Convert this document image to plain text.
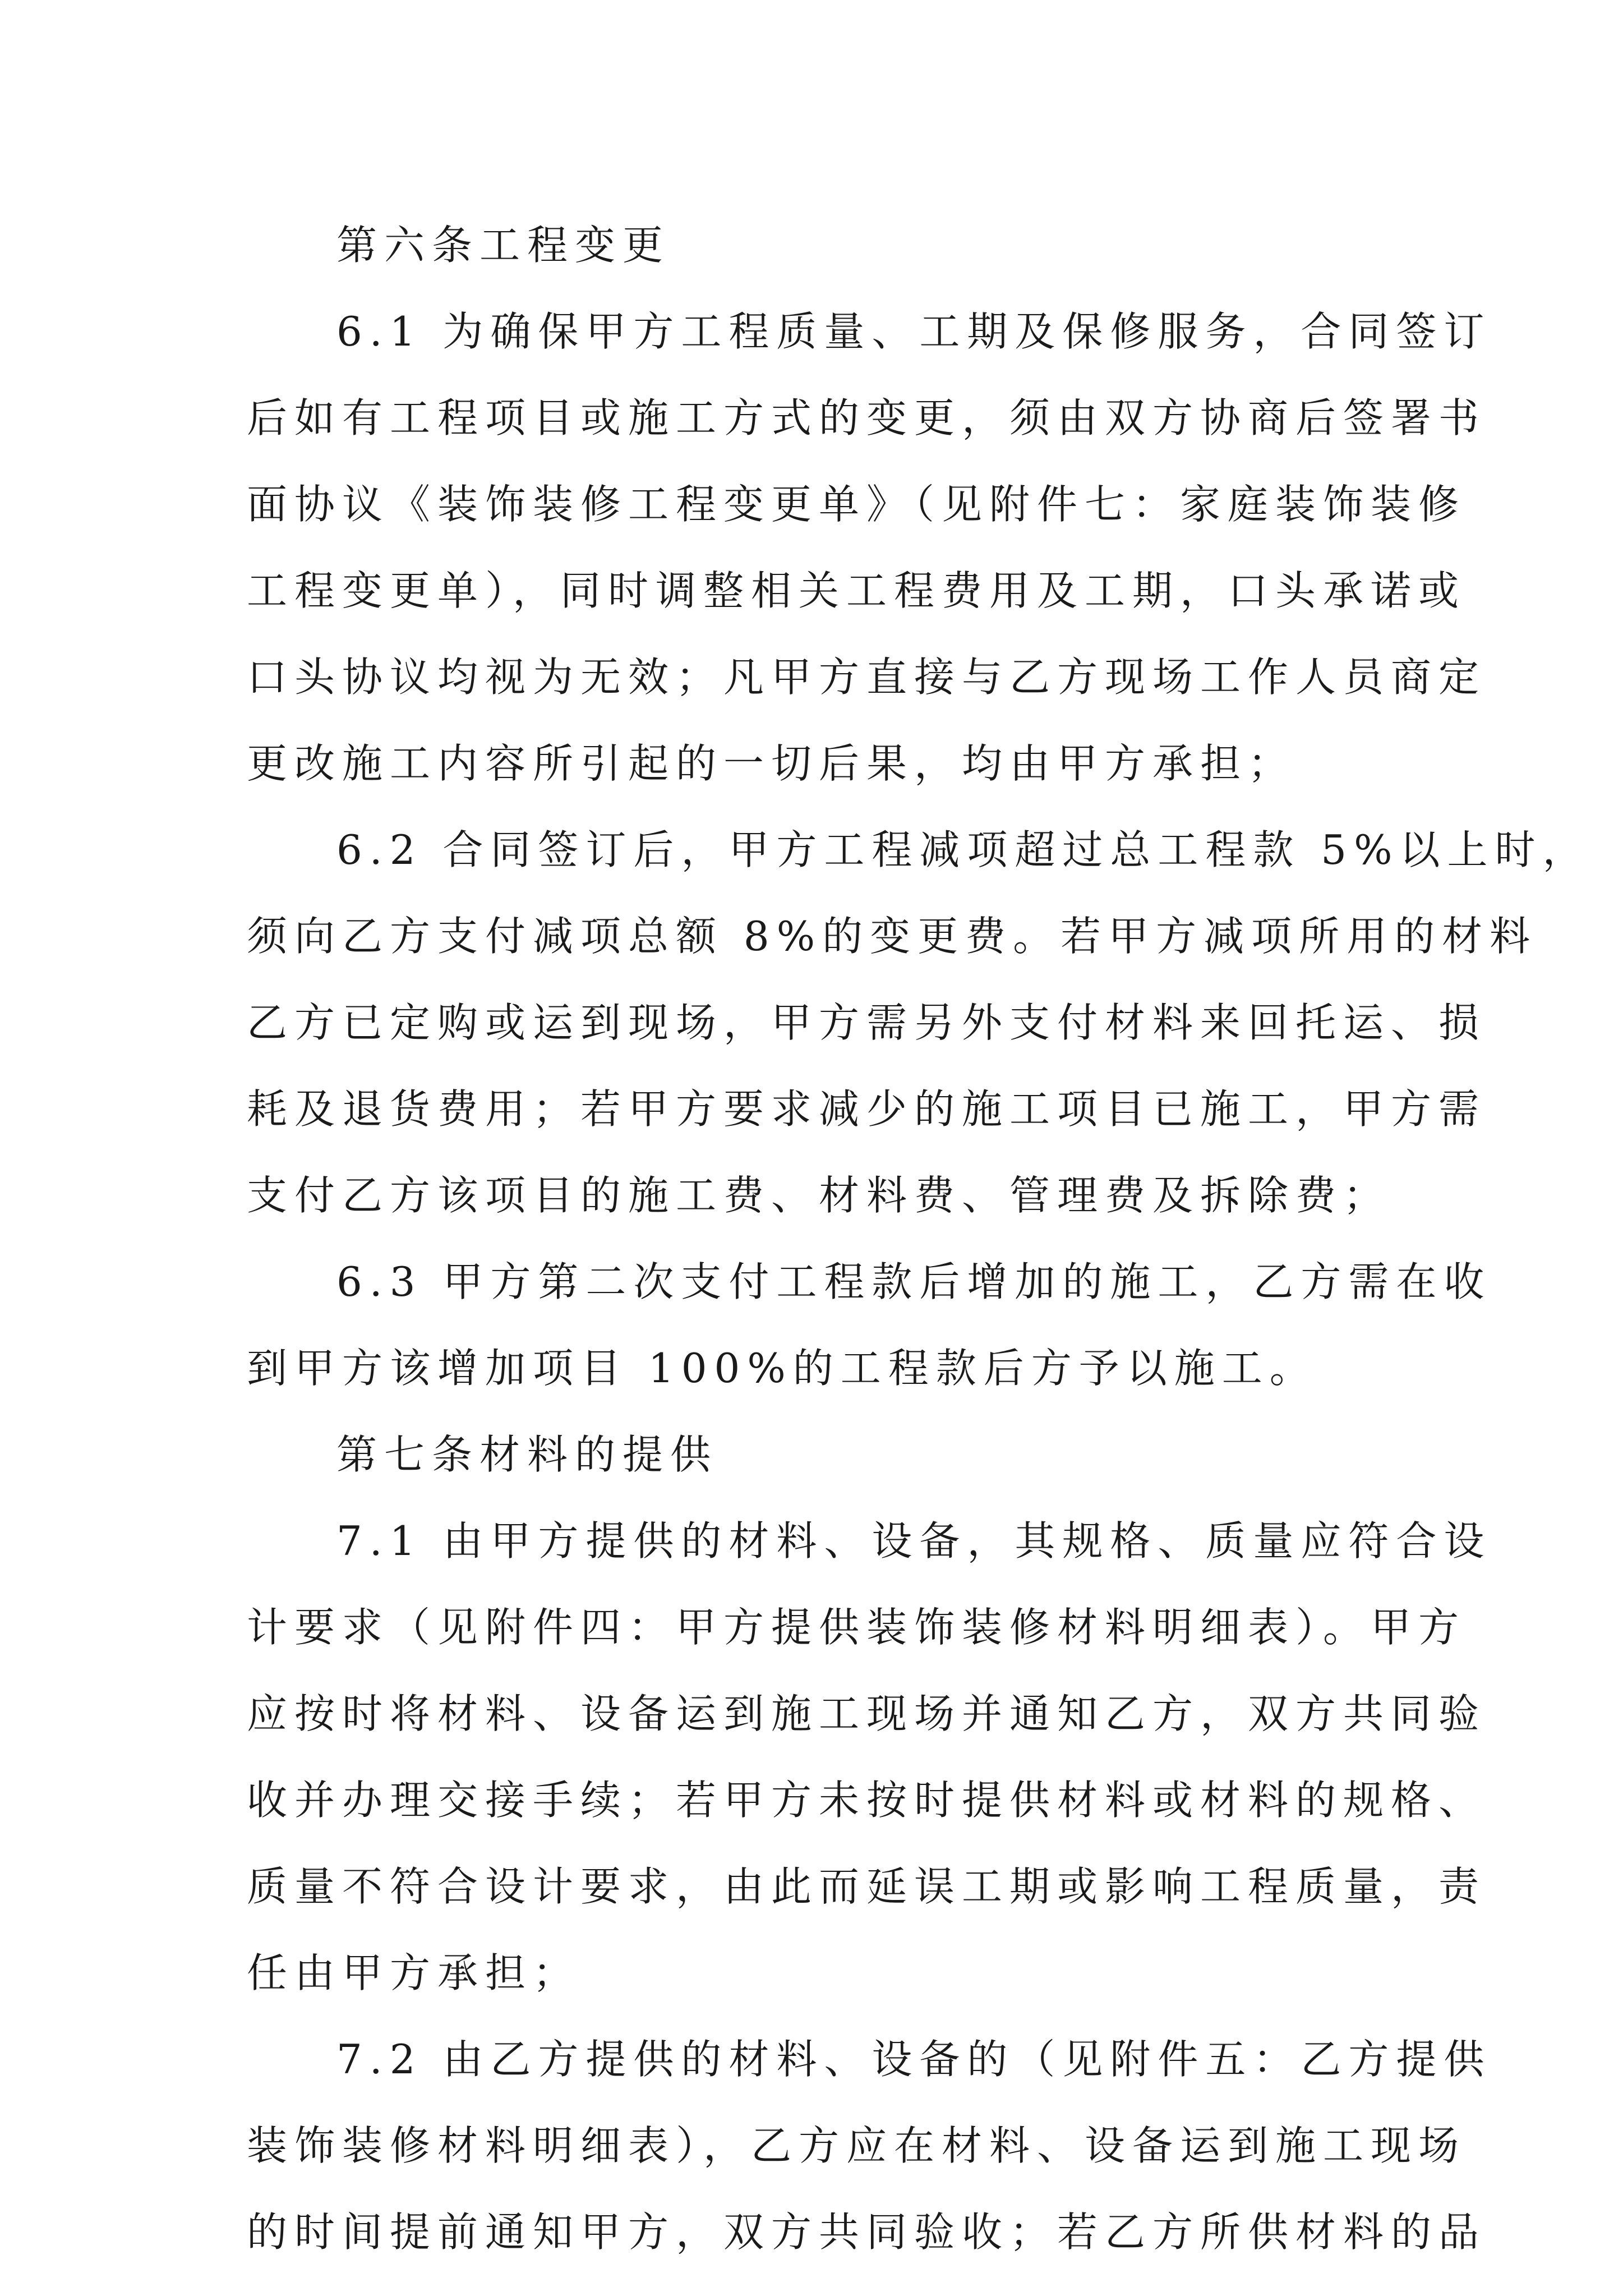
第六条工程变更
6.1 为确保甲方工程质量、工期及保修服务，合同签订
后如有工程项目或施工方式的变更，须由双方协商后签署书
面协议《装饰装修工程变更单》（见附件七：家庭装饰装修
工程变更单），同时调整相关工程费用及工期，口头承诺或
口头协议均视为无效；凡甲方直接与乙方现场工作人员商定
更改施工内容所引起的一切后果，均由甲方承担；
6.2 合同签订后，甲方工程减项超过总工程款 5%以上时，
须向乙方支付减项总额 8%的变更费。若甲方减项所用的材料
乙方已定购或运到现场，甲方需另外支付材料来回托运、损
耗及退货费用；若甲方要求减少的施工项目已施工，甲方需
支付乙方该项目的施工费、材料费、管理费及拆除费；
6.3 甲方第二次支付工程款后增加的施工，乙方需在收
到甲方该增加项目 100%的工程款后方予以施工。
第七条材料的提供
7.1 由甲方提供的材料、设备，其规格、质量应符合设
计要求（见附件四：甲方提供装饰装修材料明细表）。甲方
应按时将材料、设备运到施工现场并通知乙方，双方共同验
收并办理交接手续；若甲方未按时提供材料或材料的规格、
质量不符合设计要求，由此而延误工期或影响工程质量，责
任由甲方承担；
7.2 由乙方提供的材料、设备的（见附件五：乙方提供
装饰装修材料明细表），乙方应在材料、设备运到施工现场
的时间提前通知甲方，双方共同验收；若乙方所供材料的品
